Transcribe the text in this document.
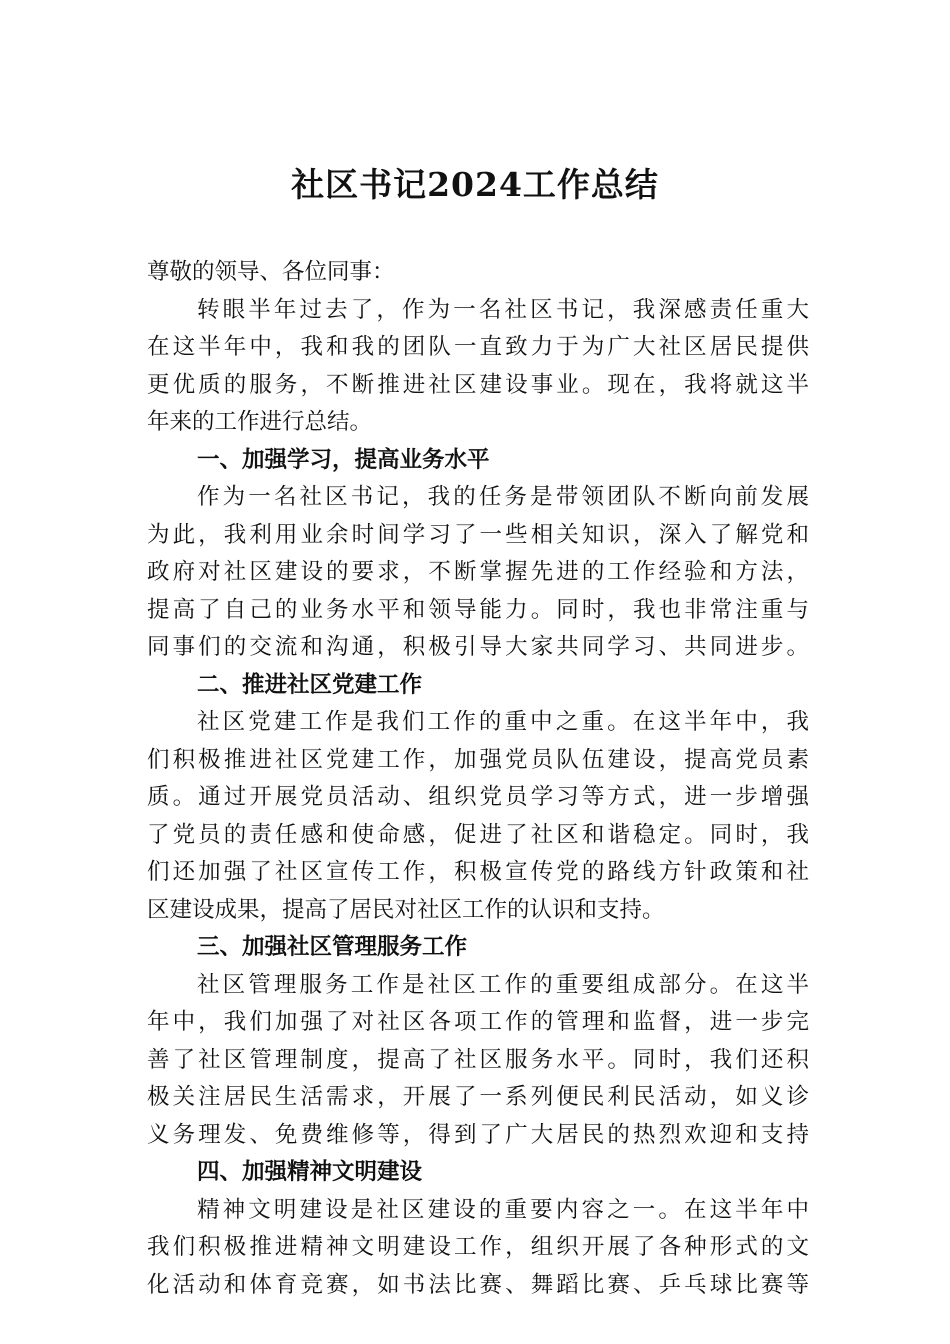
社区书记2024工作总结
尊敬的领导、各位同事：
转眼半年过去了，作为一名社区书记，我深感责任重大
在这半年中，我和我的团队一直致力于为广大社区居民提供
更优质的服务，不断推进社区建设事业。现在，我将就这半
年来的工作进行总结。
一、加强学习，提高业务水平
作为一名社区书记，我的任务是带领团队不断向前发展
为此，我利用业余时间学习了一些相关知识，深入了解党和
政府对社区建设的要求，不断掌握先进的工作经验和方法，
提高了自己的业务水平和领导能力。同时，我也非常注重与
同事们的交流和沟通，积极引导大家共同学习、共同进步。
二、推进社区党建工作
社区党建工作是我们工作的重中之重。在这半年中，我
们积极推进社区党建工作，加强党员队伍建设，提高党员素
质。通过开展党员活动、组织党员学习等方式，进一步增强
了党员的责任感和使命感，促进了社区和谐稳定。同时，我
们还加强了社区宣传工作，积极宣传党的路线方针政策和社
区建设成果，提高了居民对社区工作的认识和支持。
三、加强社区管理服务工作
社区管理服务工作是社区工作的重要组成部分。在这半
年中，我们加强了对社区各项工作的管理和监督，进一步完
善了社区管理制度，提高了社区服务水平。同时，我们还积
极关注居民生活需求，开展了一系列便民利民活动，如义诊
义务理发、免费维修等，得到了广大居民的热烈欢迎和支持
四、加强精神文明建设
精神文明建设是社区建设的重要内容之一。在这半年中
我们积极推进精神文明建设工作，组织开展了各种形式的文
化活动和体育竞赛，如书法比赛、舞蹈比赛、乒乓球比赛等
